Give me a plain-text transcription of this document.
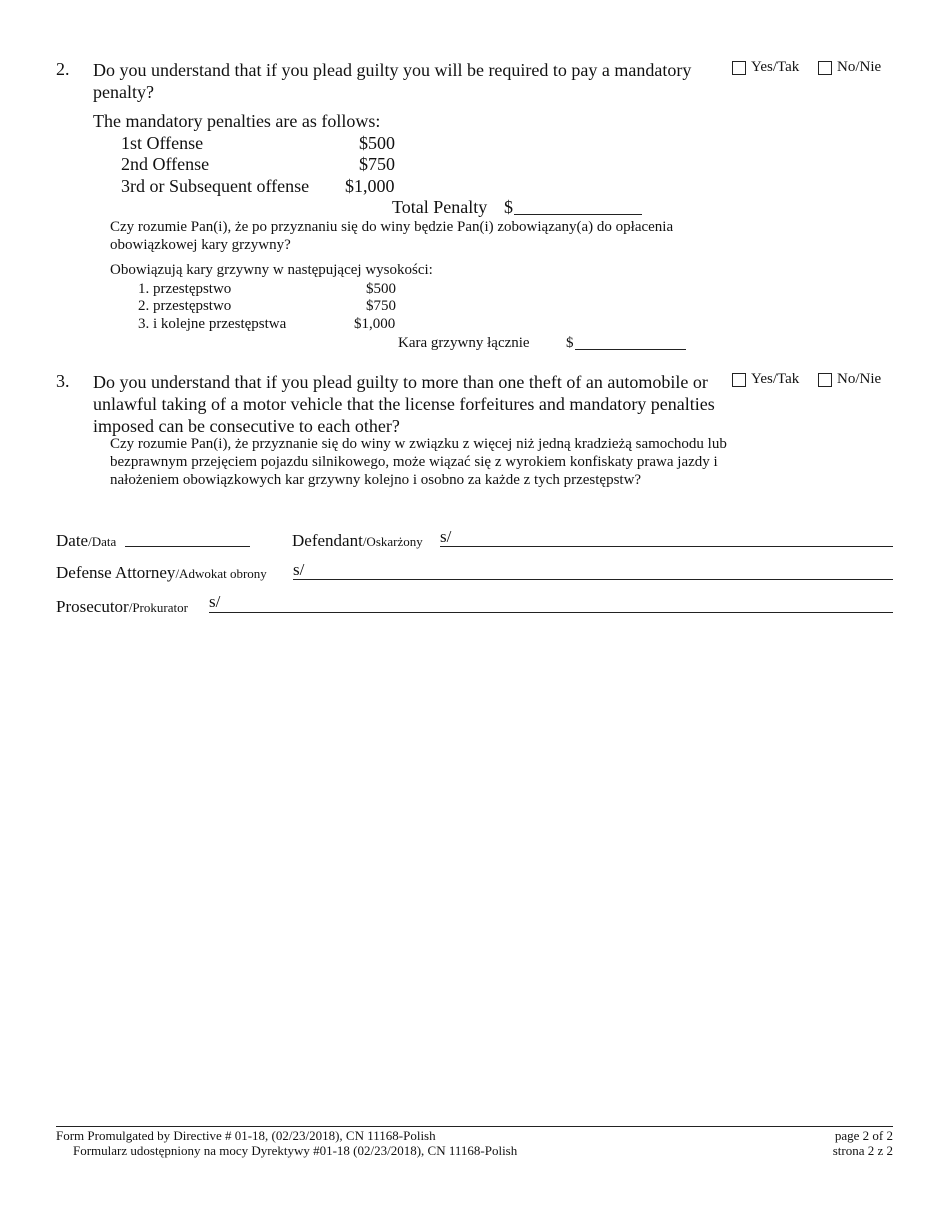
2. Do you understand that if you plead guilty you will be required to pay a mandatory penalty?
Yes/Tak	No/Nie
The mandatory penalties are as follows:
1st Offense	$500
2nd Offense	$750
3rd or Subsequent offense $1,000
Total Penalty $
Czy rozumie Pan(i), że po przyznaniu się do winy będzie Pan(i) zobowiązany(a) do opłacenia obowiązkowej kary grzywny?
Obowiązują kary grzywny w następującej wysokości:
1. przestępstwo	$500
2. przestępstwo	$750
3. i kolejne przestępstwa	$1,000
Kara grzywny łącznie $
3. Do you understand that if you plead guilty to more than one theft of an automobile or unlawful taking of a motor vehicle that the license forfeitures and mandatory penalties imposed can be consecutive to each other?
Yes/Tak	No/Nie
Czy rozumie Pan(i), że przyznanie się do winy w związku z więcej niż jedną kradzieżą samochodu lub bezprawnym przejęciem pojazdu silnikowego, może wiązać się z wyrokiem konfiskaty prawa jazdy i nałożeniem obowiązkowych kar grzywny kolejno i osobno za każde z tych przestępstw?
Date/Data	Defendant/Oskarżony s/
Defense Attorney/Adwokat obrony s/
Prosecutor/Prokurator s/
Form Promulgated by Directive # 01-18, (02/23/2018), CN 11168-Polish
Formularz udostępniony na mocy Dyrektywy #01-18 (02/23/2018), CN 11168-Polish
page 2 of 2
strona 2 z 2
